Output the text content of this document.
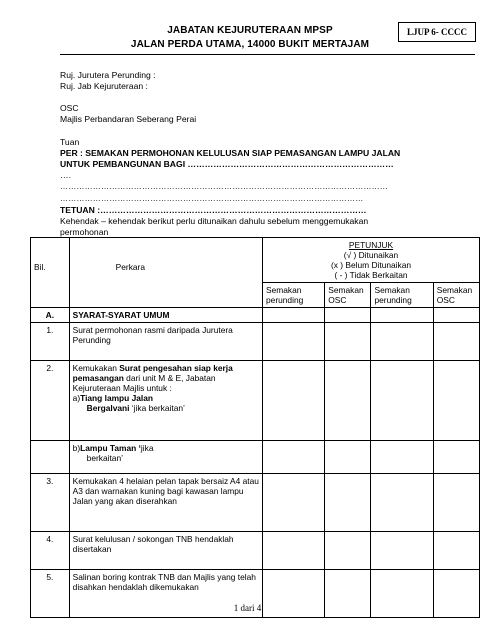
LJUP 6- CCCC
JABATAN KEJURUTERAAN MPSP
JALAN PERDA UTAMA, 14000 BUKIT MERTAJAM
Ruj. Jurutera Perunding :
Ruj. Jab Kejuruteraan :
OSC
Majlis Perbandaran Seberang Perai
Tuan
PER : SEMAKAN PERMOHONAN KELULUSAN SIAP PEMASANGAN LAMPU JALAN
UNTUK PEMBANGUNAN BAGI ………………………………………………………………
….
…………………………………………………………………………………………………………
…………………………………………………………………………………………………
TETUAN :…………………………………………………………………………………
Kehendak – kehendak berikut perlu ditunaikan dahulu sebelum menggemukakan
permohonan
Bil.	Perkara	PETUNJUK
(√ ) Ditunaikan
(x ) Belum Ditunaikan
( - ) Tidak Berkaitan			

		Semakan perunding	Semakan OSC	Semakan perunding	Semakan OSC
A.	SYARAT-SYARAT UMUM				
1.	Surat permohonan rasmi daripada Jurutera Perunding				
2.	Kemukakan Surat pengesahan siap kerja pemasangan dari unit M & E, Jabatan Kejuruteraan Majlis untuk :
a)Tiang lampu Jalan

Bergalvani ‘jika berkaitan’				

	b)Lampu Taman ‘jika

berkaitan’				

3.	Kemukakan 4 helaian pelan tapak bersaiz A4 atau A3 dan warnakan kuning bagi kawasan lampu Jalan yang akan diserahkan				
4.	Surat kelulusan / sokongan TNB hendaklah disertakan				
5.	Salinan boring kontrak TNB dan Majlis yang telah disahkan hendaklah dikemukakan				
1 dari 4
